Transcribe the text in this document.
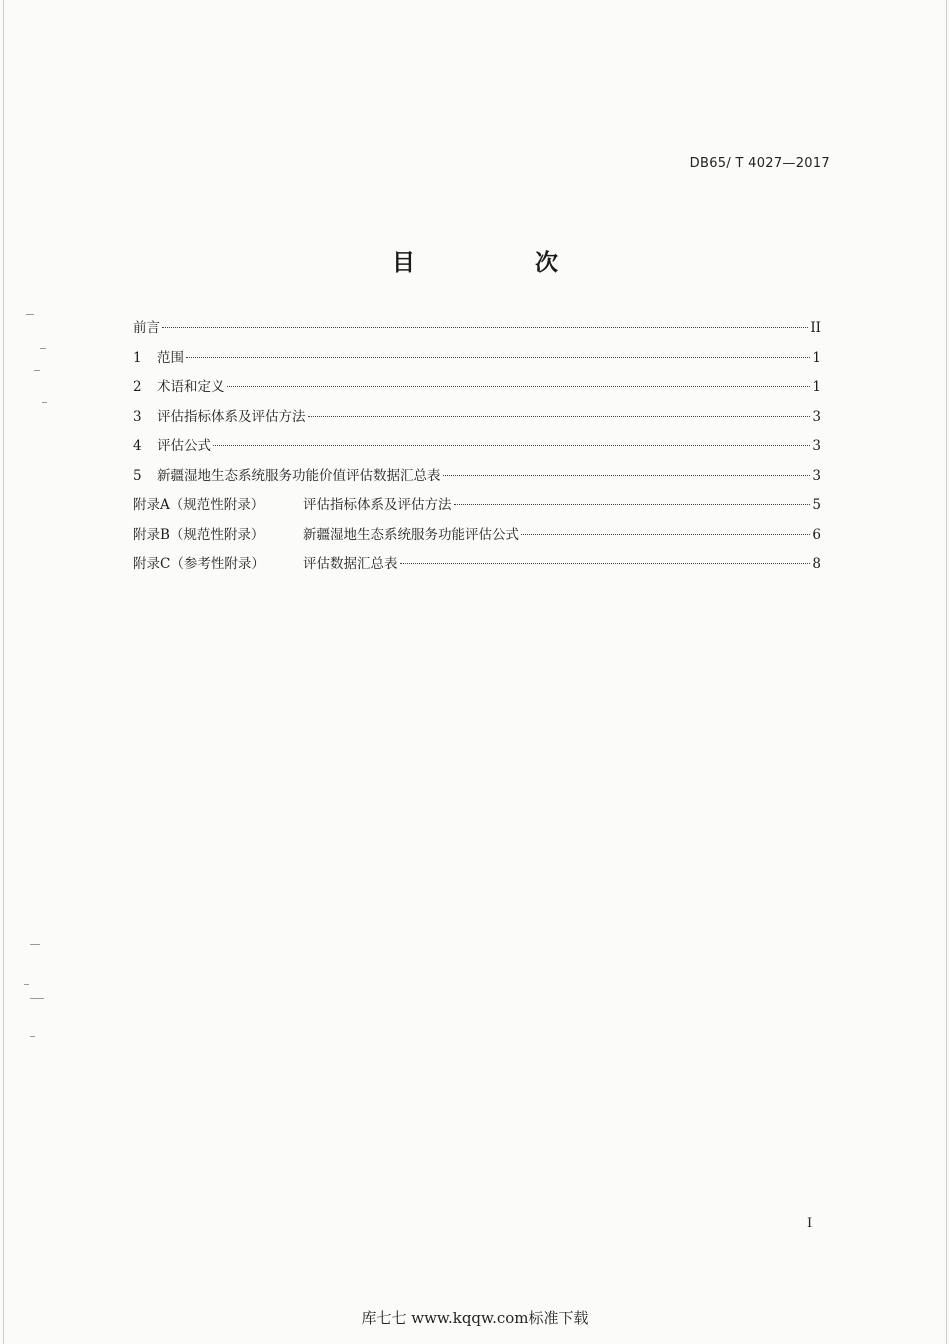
DB65/ T 4027—2017
目 次
前言	II
1	范围	1
2	术语和定义	1
3	评估指标体系及评估方法	3
4	评估公式	3
5	新疆湿地生态系统服务功能价值评估数据汇总表	3
附录A（规范性附录）	评估指标体系及评估方法	5
附录B（规范性附录）	新疆湿地生态系统服务功能评估公式	6
附录C（参考性附录）	评估数据汇总表	8
I
库七七 www.kqqw.com标准下载
